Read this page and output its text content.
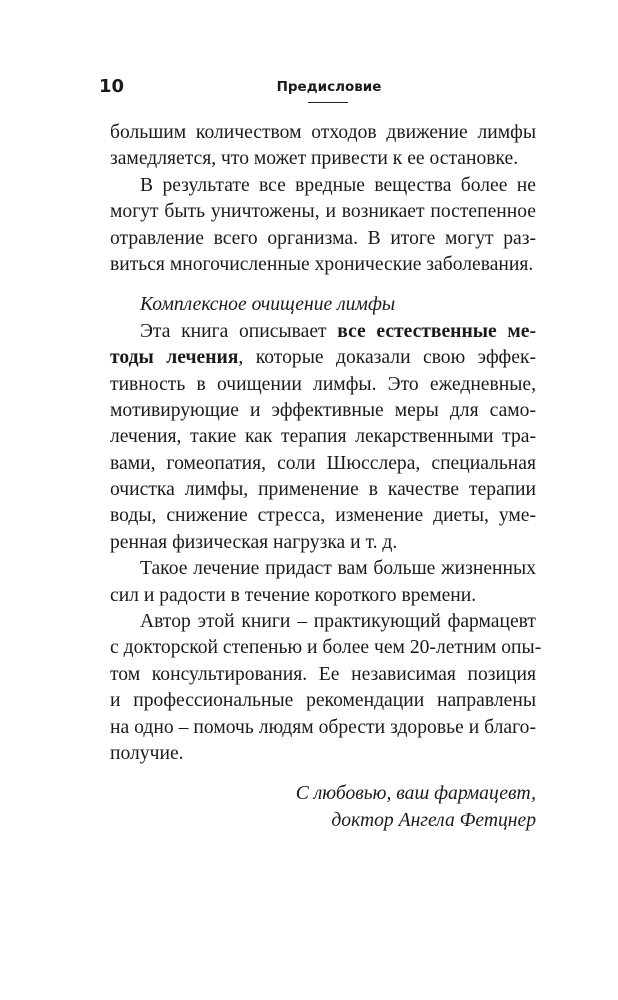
10	Предисловие
большим количеством отходов движение лимфы
замедляется, что может привести к ее остановке.
В результате все вредные вещества более не
могут быть уничтожены, и возникает постепенное
отравление всего организма. В итоге могут раз-
виться многочисленные хронические заболевания.
Комплексное очищение лимфы
Эта книга описывает все естественные ме-
тоды лечения, которые доказали свою эффек-
тивность в очищении лимфы. Это ежедневные,
мотивирующие и эффективные меры для само-
лечения, такие как терапия лекарственными тра-
вами, гомеопатия, соли Шюсслера, специальная
очистка лимфы, применение в качестве терапии
воды, снижение стресса, изменение диеты, уме-
ренная физическая нагрузка и т. д.
Такое лечение придаст вам больше жизненных
сил и радости в течение короткого времени.
Автор этой книги – практикующий фармацевт
с докторской степенью и более чем 20-летним опы-
том консультирования. Ее независимая позиция
и профессиональные рекомендации направлены
на одно – помочь людям обрести здоровье и благо-
получие.
С любовью, ваш фармацевт,
доктор Ангела Фетцнер
